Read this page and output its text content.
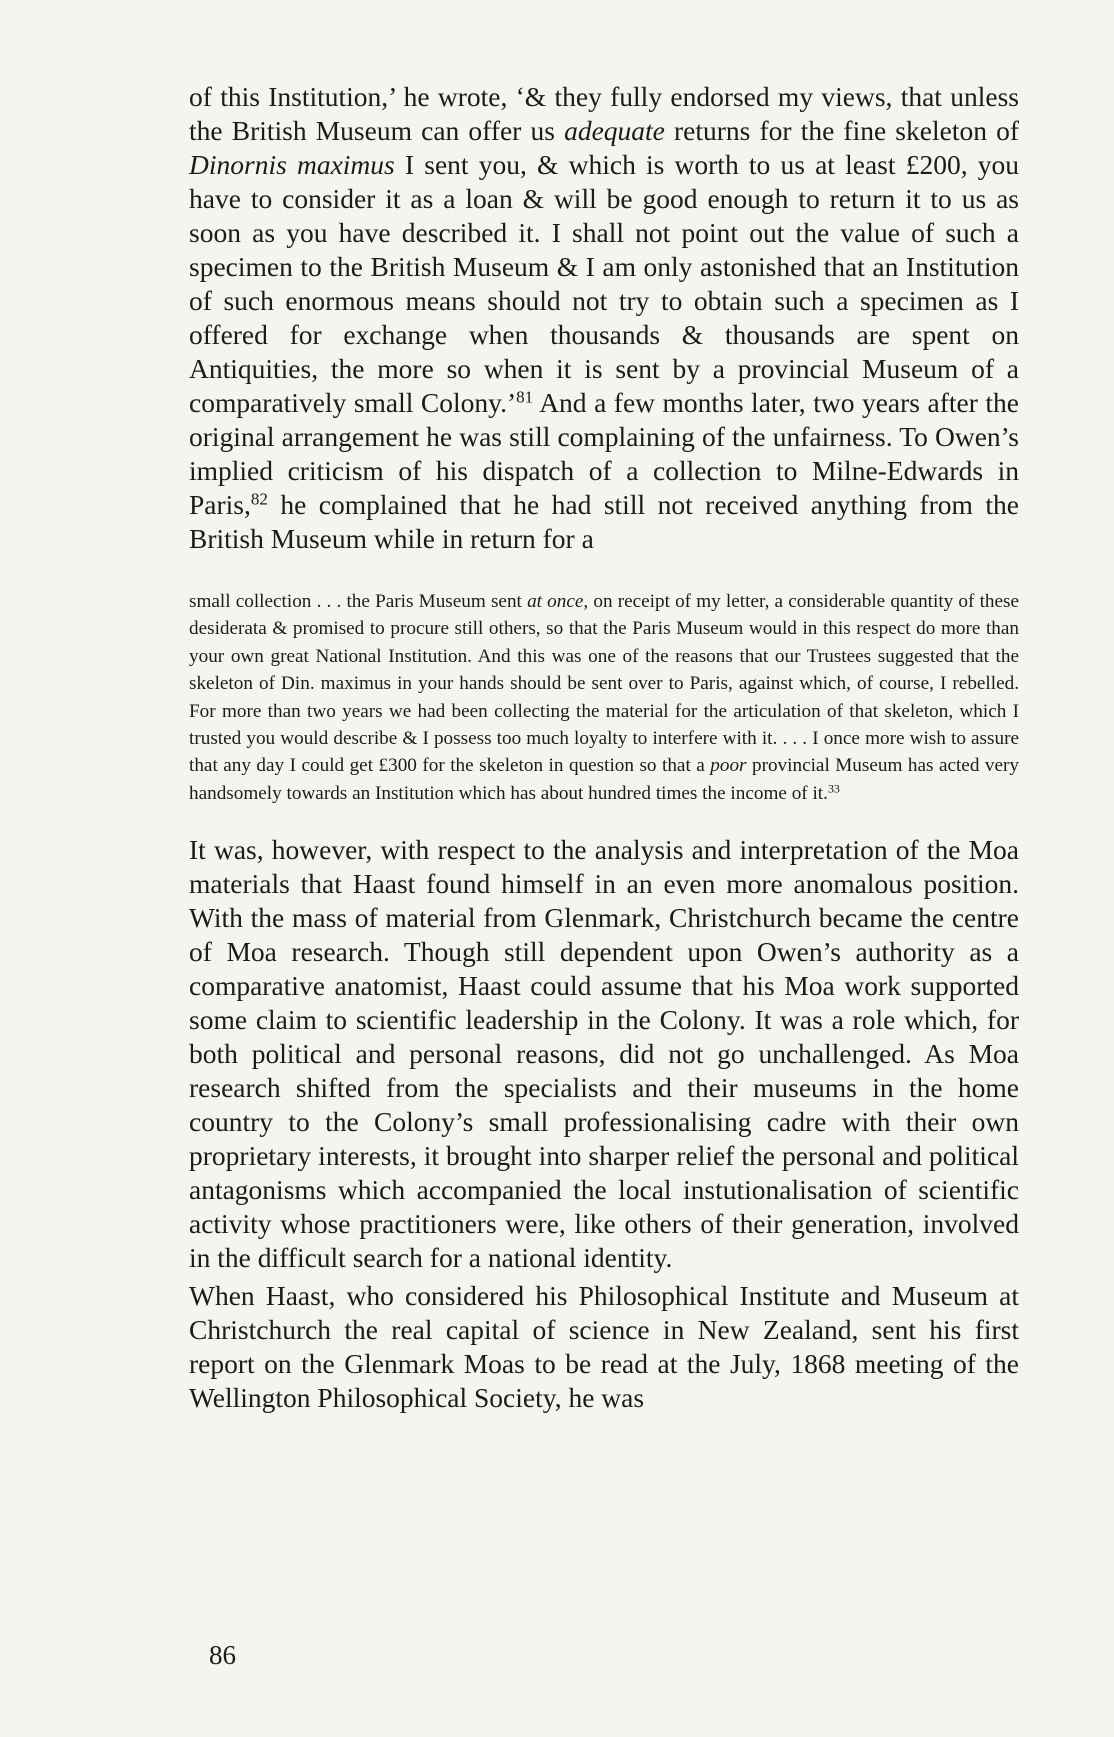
of this Institution,’ he wrote, ‘& they fully endorsed my views, that unless the British Museum can offer us adequate returns for the fine skeleton of Dinornis maximus I sent you, & which is worth to us at least £200, you have to consider it as a loan & will be good enough to return it to us as soon as you have described it. I shall not point out the value of such a specimen to the British Museum & I am only astonished that an Institution of such enormous means should not try to obtain such a specimen as I offered for exchange when thousands & thousands are spent on Antiquities, the more so when it is sent by a provincial Museum of a comparatively small Colony.’$^{81}$ And a few months later, two years after the original arrangement he was still complaining of the unfairness. To Owen’s implied criticism of his dispatch of a collection to Milne-Edwards in Paris,$^{82}$ he complained that he had still not received anything from the British Museum while in return for a

small collection . . . the Paris Museum sent at once, on receipt of my letter, a considerable quantity of these desiderata & promised to procure still others, so that the Paris Museum would in this respect do more than your own great National Institution. And this was one of the reasons that our Trustees suggested that the skeleton of Din. maximus in your hands should be sent over to Paris, against which, of course, I rebelled. For more than two years we had been collecting the material for the articulation of that skeleton, which I trusted you would describe & I possess too much loyalty to interfere with it. . . . I once more wish to assure that any day I could get £300 for the skeleton in question so that a poor provincial Museum has acted very handsomely towards an Institution which has about hundred times the income of it.$^{33}$

It was, however, with respect to the analysis and interpretation of the Moa materials that Haast found himself in an even more anomalous position. With the mass of material from Glenmark, Christchurch became the centre of Moa research. Though still dependent upon Owen’s authority as a comparative anatomist, Haast could assume that his Moa work supported some claim to scientific leadership in the Colony. It was a role which, for both political and personal reasons, did not go unchallenged. As Moa research shifted from the specialists and their museums in the home country to the Colony’s small professionalising cadre with their own proprietary interests, it brought into sharper relief the personal and political antagonisms which accompanied the local instutionalisation of scientific activity whose practitioners were, like others of their generation, involved in the difficult search for a national identity.

When Haast, who considered his Philosophical Institute and Museum at Christchurch the real capital of science in New Zealand, sent his first report on the Glenmark Moas to be read at the July, 1868 meeting of the Wellington Philosophical Society, he was

86
